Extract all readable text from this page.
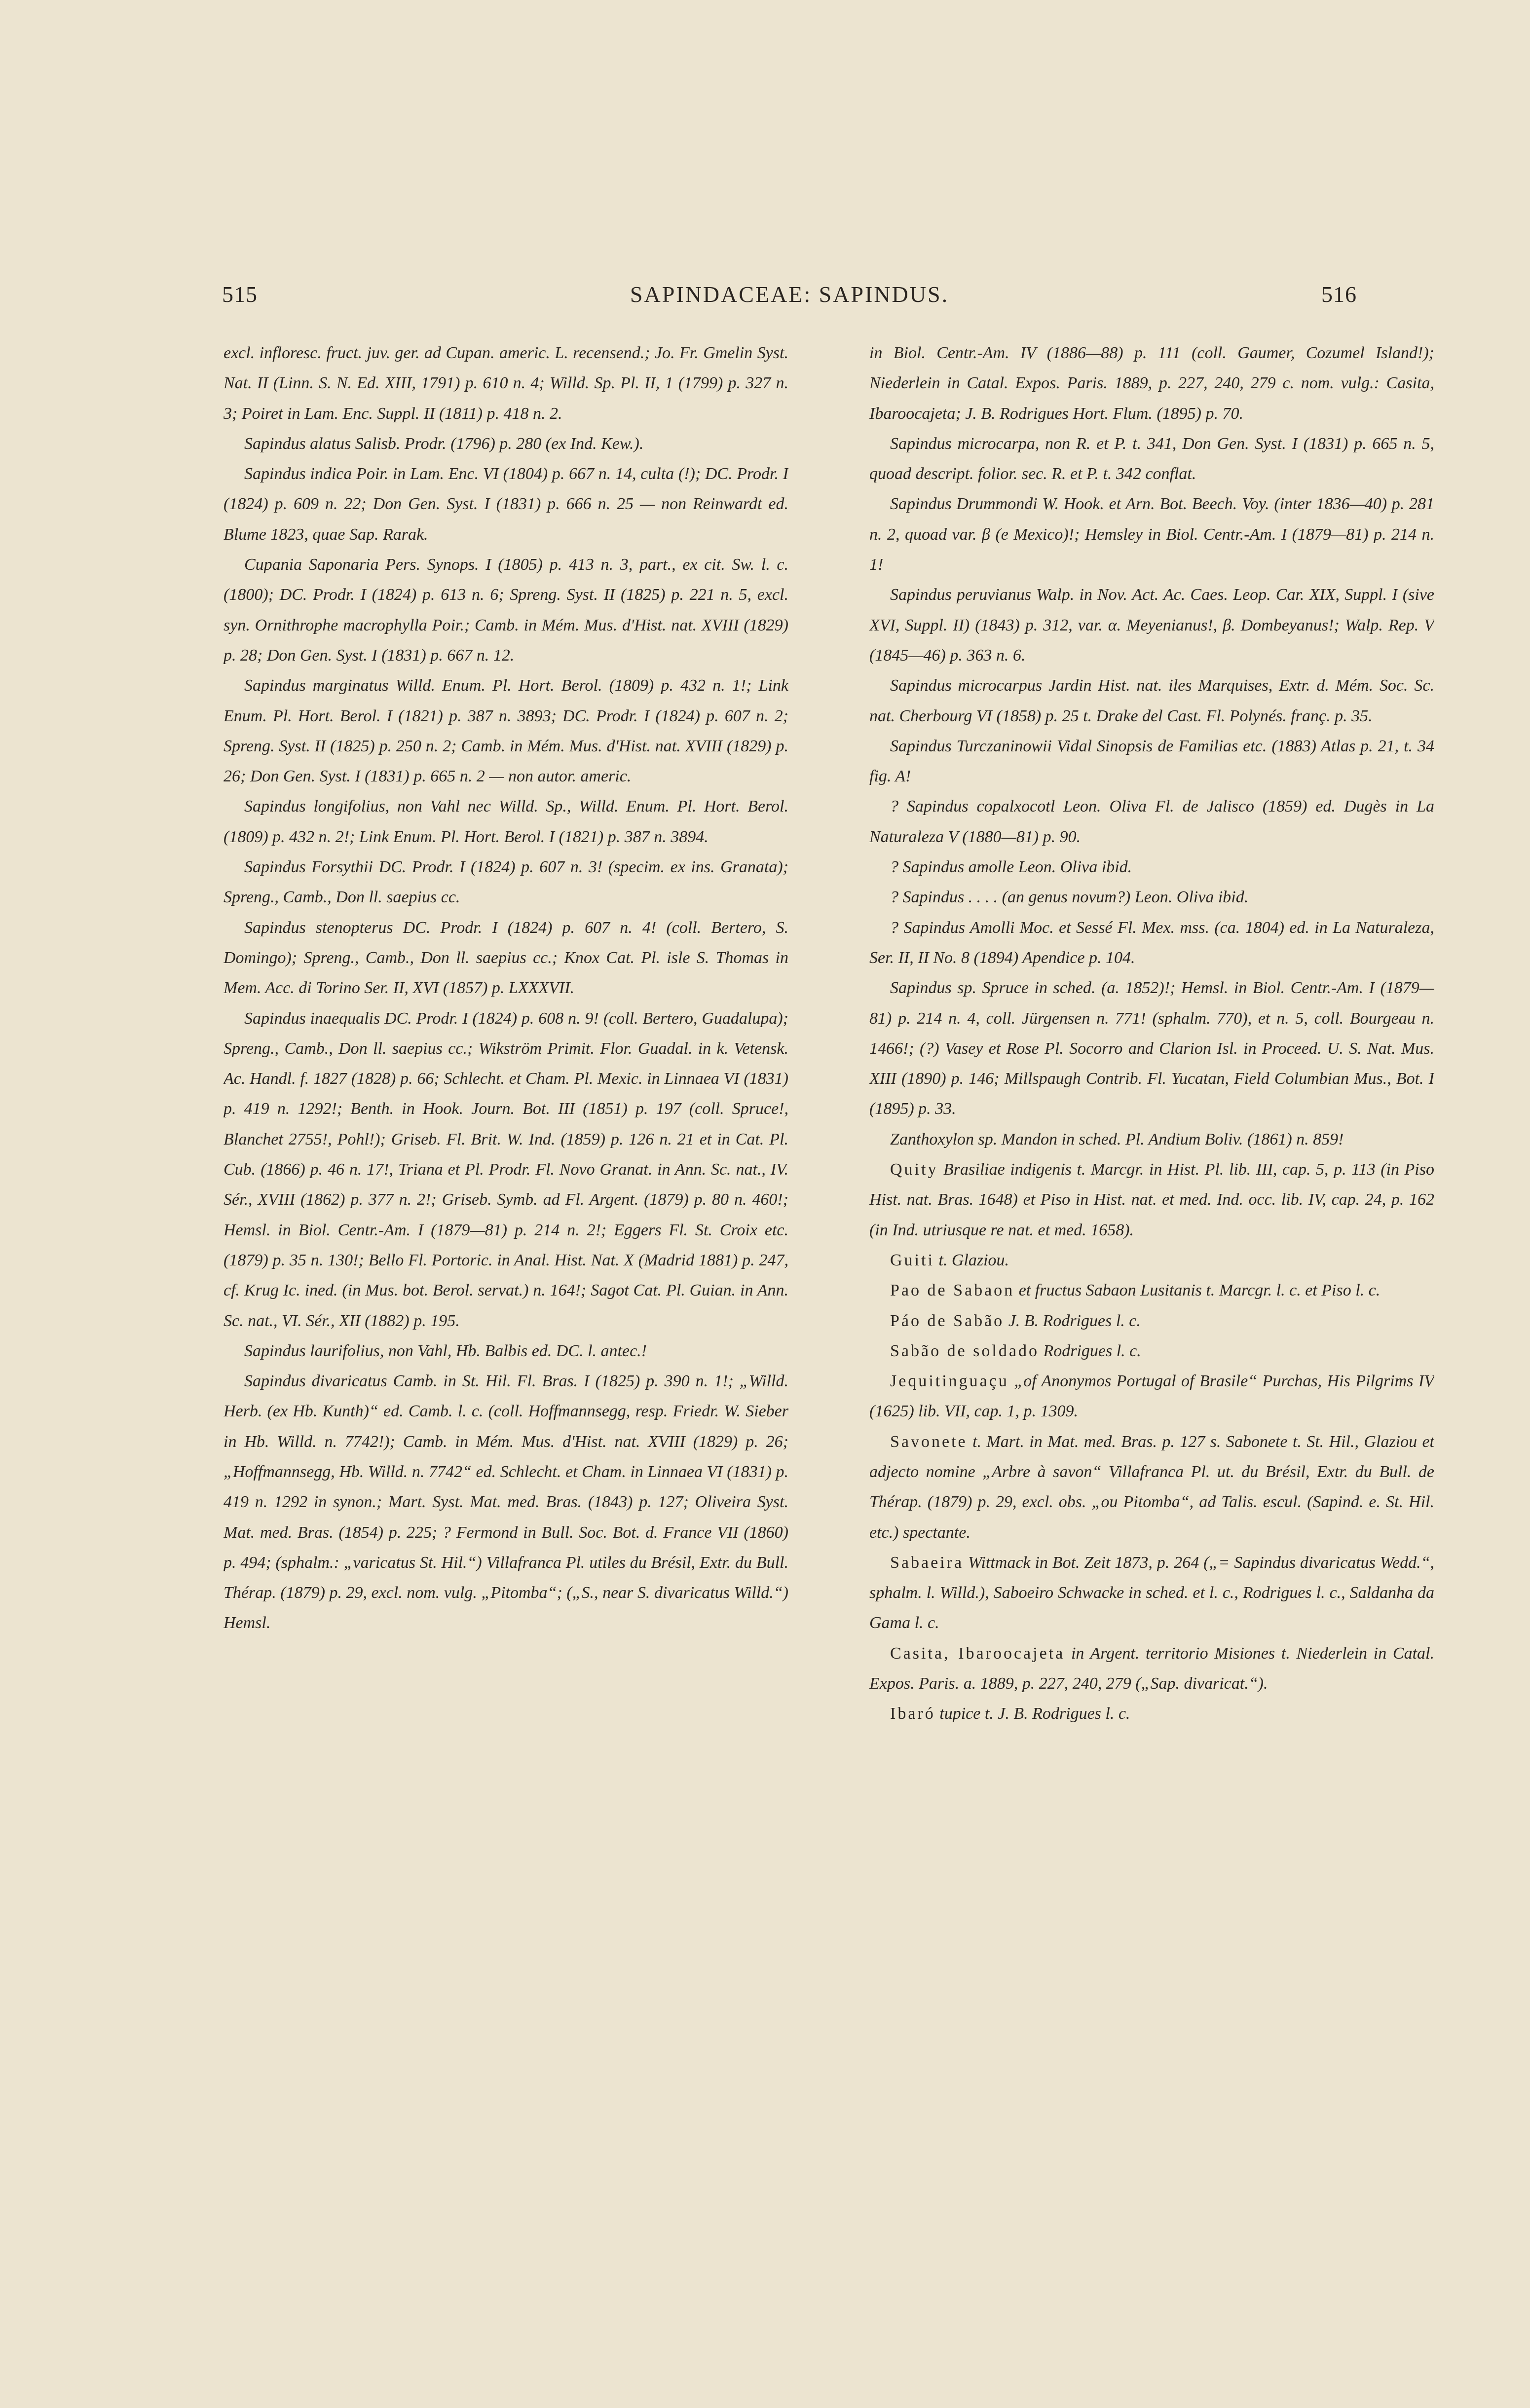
515	SAPINDACEAE: SAPINDUS.	516

excl. infloresc. fruct. juv. ger. ad Cupan. americ. L. recensend.; Jo. Fr. Gmelin Syst. Nat. II (Linn. S. N. Ed. XIII, 1791) p. 610 n. 4; Willd. Sp. Pl. II, 1 (1799) p. 327 n. 3; Poiret in Lam. Enc. Suppl. II (1811) p. 418 n. 2.

Sapindus alatus Salisb. Prodr. (1796) p. 280 (ex Ind. Kew.).

Sapindus indica Poir. in Lam. Enc. VI (1804) p. 667 n. 14, culta (!); DC. Prodr. I (1824) p. 609 n. 22; Don Gen. Syst. I (1831) p. 666 n. 25 — non Reinwardt ed. Blume 1823, quae Sap. Rarak.

Cupania Saponaria Pers. Synops. I (1805) p. 413 n. 3, part., ex cit. Sw. l. c. (1800); DC. Prodr. I (1824) p. 613 n. 6; Spreng. Syst. II (1825) p. 221 n. 5, excl. syn. Ornithrophe macrophylla Poir.; Camb. in Mém. Mus. d'Hist. nat. XVIII (1829) p. 28; Don Gen. Syst. I (1831) p. 667 n. 12.

Sapindus marginatus Willd. Enum. Pl. Hort. Berol. (1809) p. 432 n. 1!; Link Enum. Pl. Hort. Berol. I (1821) p. 387 n. 3893; DC. Prodr. I (1824) p. 607 n. 2; Spreng. Syst. II (1825) p. 250 n. 2; Camb. in Mém. Mus. d'Hist. nat. XVIII (1829) p. 26; Don Gen. Syst. I (1831) p. 665 n. 2 — non autor. americ.

Sapindus longifolius, non Vahl nec Willd. Sp., Willd. Enum. Pl. Hort. Berol. (1809) p. 432 n. 2!; Link Enum. Pl. Hort. Berol. I (1821) p. 387 n. 3894.

Sapindus Forsythii DC. Prodr. I (1824) p. 607 n. 3! (specim. ex ins. Granata); Spreng., Camb., Don ll. saepius cc.

Sapindus stenopterus DC. Prodr. I (1824) p. 607 n. 4! (coll. Bertero, S. Domingo); Spreng., Camb., Don ll. saepius cc.; Knox Cat. Pl. isle S. Thomas in Mem. Acc. di Torino Ser. II, XVI (1857) p. LXXXVII.

Sapindus inaequalis DC. Prodr. I (1824) p. 608 n. 9! (coll. Bertero, Guadalupa); Spreng., Camb., Don ll. saepius cc.; Wikström Primit. Flor. Guadal. in k. Vetensk. Ac. Handl. f. 1827 (1828) p. 66; Schlecht. et Cham. Pl. Mexic. in Linnaea VI (1831) p. 419 n. 1292!; Benth. in Hook. Journ. Bot. III (1851) p. 197 (coll. Spruce!, Blanchet 2755!, Pohl!); Griseb. Fl. Brit. W. Ind. (1859) p. 126 n. 21 et in Cat. Pl. Cub. (1866) p. 46 n. 17!, Triana et Pl. Prodr. Fl. Novo Granat. in Ann. Sc. nat., IV. Sér., XVIII (1862) p. 377 n. 2!; Griseb. Symb. ad Fl. Argent. (1879) p. 80 n. 460!; Hemsl. in Biol. Centr.-Am. I (1879—81) p. 214 n. 2!; Eggers Fl. St. Croix etc. (1879) p. 35 n. 130!; Bello Fl. Portoric. in Anal. Hist. Nat. X (Madrid 1881) p. 247, cf. Krug Ic. ined. (in Mus. bot. Berol. servat.) n. 164!; Sagot Cat. Pl. Guian. in Ann. Sc. nat., VI. Sér., XII (1882) p. 195.

Sapindus laurifolius, non Vahl, Hb. Balbis ed. DC. l. antec.!

Sapindus divaricatus Camb. in St. Hil. Fl. Bras. I (1825) p. 390 n. 1!; „Willd. Herb. (ex Hb. Kunth)“ ed. Camb. l. c. (coll. Hoffmannsegg, resp. Friedr. W. Sieber in Hb. Willd. n. 7742!); Camb. in Mém. Mus. d'Hist. nat. XVIII (1829) p. 26; „Hoffmannsegg, Hb. Willd. n. 7742“ ed. Schlecht. et Cham. in Linnaea VI (1831) p. 419 n. 1292 in synon.; Mart. Syst. Mat. med. Bras. (1843) p. 127; Oliveira Syst. Mat. med. Bras. (1854) p. 225; ? Fermond in Bull. Soc. Bot. d. France VII (1860) p. 494; (sphalm.: „varicatus St. Hil.“) Villafranca Pl. utiles du Brésil, Extr. du Bull. Thérap. (1879) p. 29, excl. nom. vulg. „Pitomba“; („S., near S. divaricatus Willd.“) Hemsl.

in Biol. Centr.-Am. IV (1886—88) p. 111 (coll. Gaumer, Cozumel Island!); Niederlein in Catal. Expos. Paris. 1889, p. 227, 240, 279 c. nom. vulg.: Casita, Ibaroocajeta; J. B. Rodrigues Hort. Flum. (1895) p. 70.

Sapindus microcarpa, non R. et P. t. 341, Don Gen. Syst. I (1831) p. 665 n. 5, quoad descript. folior. sec. R. et P. t. 342 conflat.

Sapindus Drummondi W. Hook. et Arn. Bot. Beech. Voy. (inter 1836—40) p. 281 n. 2, quoad var. β (e Mexico)!; Hemsley in Biol. Centr.-Am. I (1879—81) p. 214 n. 1!

Sapindus peruvianus Walp. in Nov. Act. Ac. Caes. Leop. Car. XIX, Suppl. I (sive XVI, Suppl. II) (1843) p. 312, var. α. Meyenianus!, β. Dombeyanus!; Walp. Rep. V (1845—46) p. 363 n. 6.

Sapindus microcarpus Jardin Hist. nat. iles Marquises, Extr. d. Mém. Soc. Sc. nat. Cherbourg VI (1858) p. 25 t. Drake del Cast. Fl. Polynés. franç. p. 35.

Sapindus Turczaninowii Vidal Sinopsis de Familias etc. (1883) Atlas p. 21, t. 34 fig. A!

? Sapindus copalxocotl Leon. Oliva Fl. de Jalisco (1859) ed. Dugès in La Naturaleza V (1880—81) p. 90.

? Sapindus amolle Leon. Oliva ibid.

? Sapindus . . . . (an genus novum?) Leon. Oliva ibid.

? Sapindus Amolli Moc. et Sessé Fl. Mex. mss. (ca. 1804) ed. in La Naturaleza, Ser. II, II No. 8 (1894) Apendice p. 104.

Sapindus sp. Spruce in sched. (a. 1852)!; Hemsl. in Biol. Centr.-Am. I (1879—81) p. 214 n. 4, coll. Jürgensen n. 771! (sphalm. 770), et n. 5, coll. Bourgeau n. 1466!; (?) Vasey et Rose Pl. Socorro and Clarion Isl. in Proceed. U. S. Nat. Mus. XIII (1890) p. 146; Millspaugh Contrib. Fl. Yucatan, Field Columbian Mus., Bot. I (1895) p. 33.

Zanthoxylon sp. Mandon in sched. Pl. Andium Boliv. (1861) n. 859!

Quity Brasiliae indigenis t. Marcgr. in Hist. Pl. lib. III, cap. 5, p. 113 (in Piso Hist. nat. Bras. 1648) et Piso in Hist. nat. et med. Ind. occ. lib. IV, cap. 24, p. 162 (in Ind. utriusque re nat. et med. 1658).

Guiti t. Glaziou.

Pao de Sabaon et fructus Sabaon Lusitanis t. Marcgr. l. c. et Piso l. c.

Páo de Sabão J. B. Rodrigues l. c.

Sabão de soldado Rodrigues l. c.

Jequitinguaçu „of Anonymos Portugal of Brasile“ Purchas, His Pilgrims IV (1625) lib. VII, cap. 1, p. 1309.

Savonete t. Mart. in Mat. med. Bras. p. 127 s. Sabonete t. St. Hil., Glaziou et adjecto nomine „Arbre à savon“ Villafranca Pl. ut. du Brésil, Extr. du Bull. de Thérap. (1879) p. 29, excl. obs. „ou Pitomba“, ad Talis. escul. (Sapind. e. St. Hil. etc.) spectante.

Sabaeira Wittmack in Bot. Zeit 1873, p. 264 („= Sapindus divaricatus Wedd.“, sphalm. l. Willd.), Saboeiro Schwacke in sched. et l. c., Rodrigues l. c., Saldanha da Gama l. c.

Casita, Ibaroocajeta in Argent. territorio Misiones t. Niederlein in Catal. Expos. Paris. a. 1889, p. 227, 240, 279 („Sap. divaricat.“).

Ibaró tupice t. J. B. Rodrigues l. c.
